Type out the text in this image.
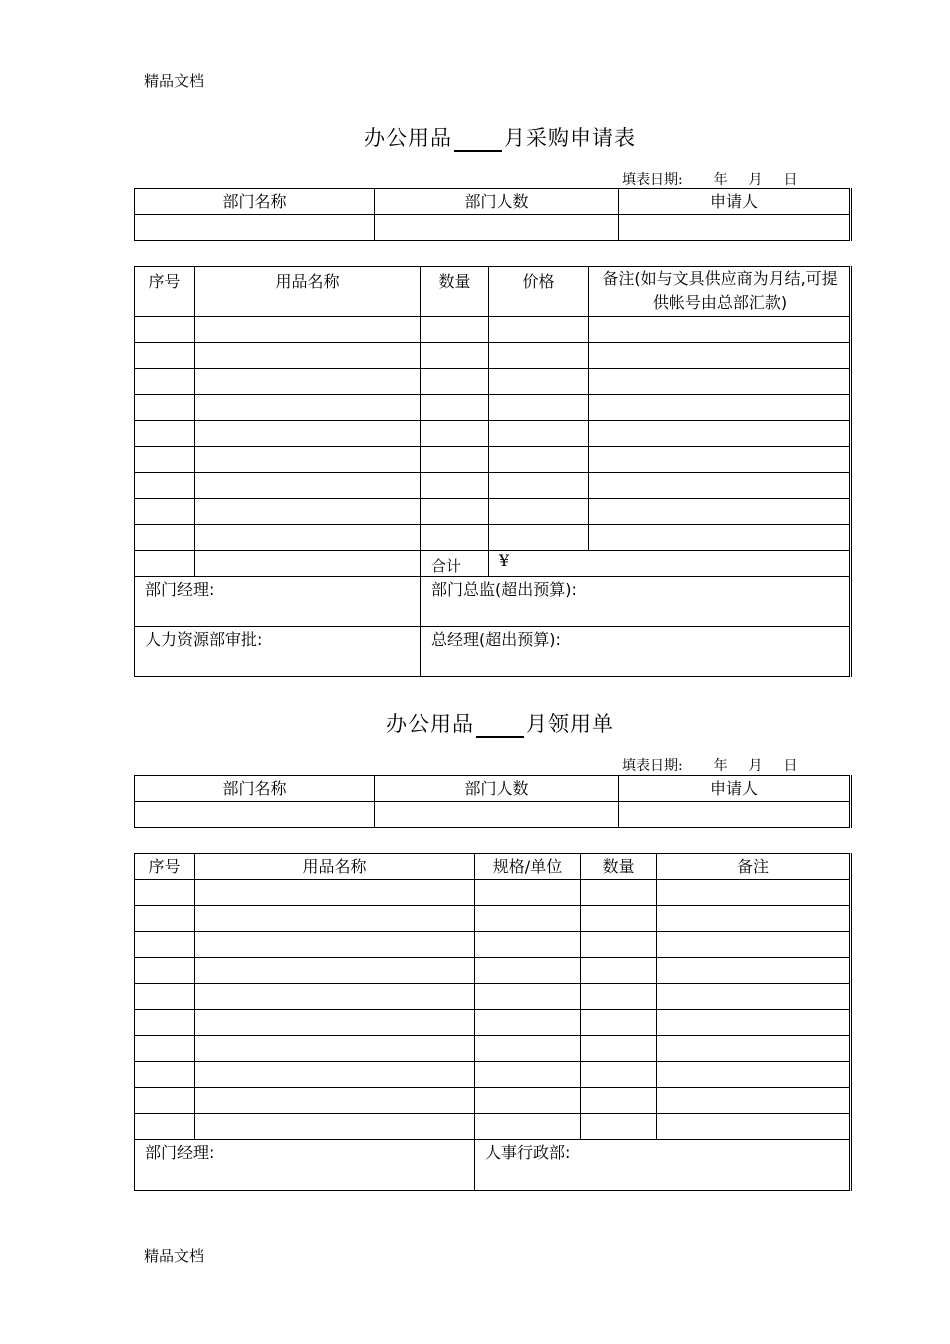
精品文档
办公用品 月采购申请表
填表日期: 年 月 日
部门名称	部门人数	申请人

序号	用品名称	数量	价格	备注(如与文具供应商为月结,可提供帐号由总部汇款)

		合计	¥	
部门经理:		部门总监(超出预算):		
人力资源部审批:		总经理(超出预算):		
办公用品 月领用单
填表日期: 年 月 日
部门名称	部门人数	申请人

序号	用品名称	规格/单位	数量	备注

部门经理:		人事行政部:		
精品文档
